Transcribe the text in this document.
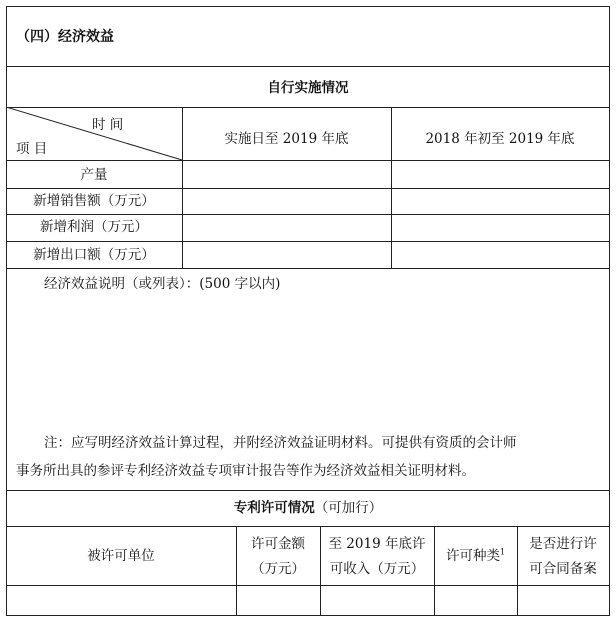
（四）经济效益
自行实施情况
时 间
项 目
实施日至 2019 年底	2018 年初至 2019 年底
产量
新增销售额（万元）
新增利润（万元）
新增出口额（万元）
经济效益说明（或列表）：(500 字以内)
注：应写明经济效益计算过程，并附经济效益证明材料。可提供有资质的会计师
事务所出具的参评专利经济效益专项审计报告等作为经济效益相关证明材料。
专利许可情况（可加行）
被许可单位
许可金额
（万元）
至 2019 年底许
可收入（万元）
许可种类$^1$	是否进行许
可合同备案
